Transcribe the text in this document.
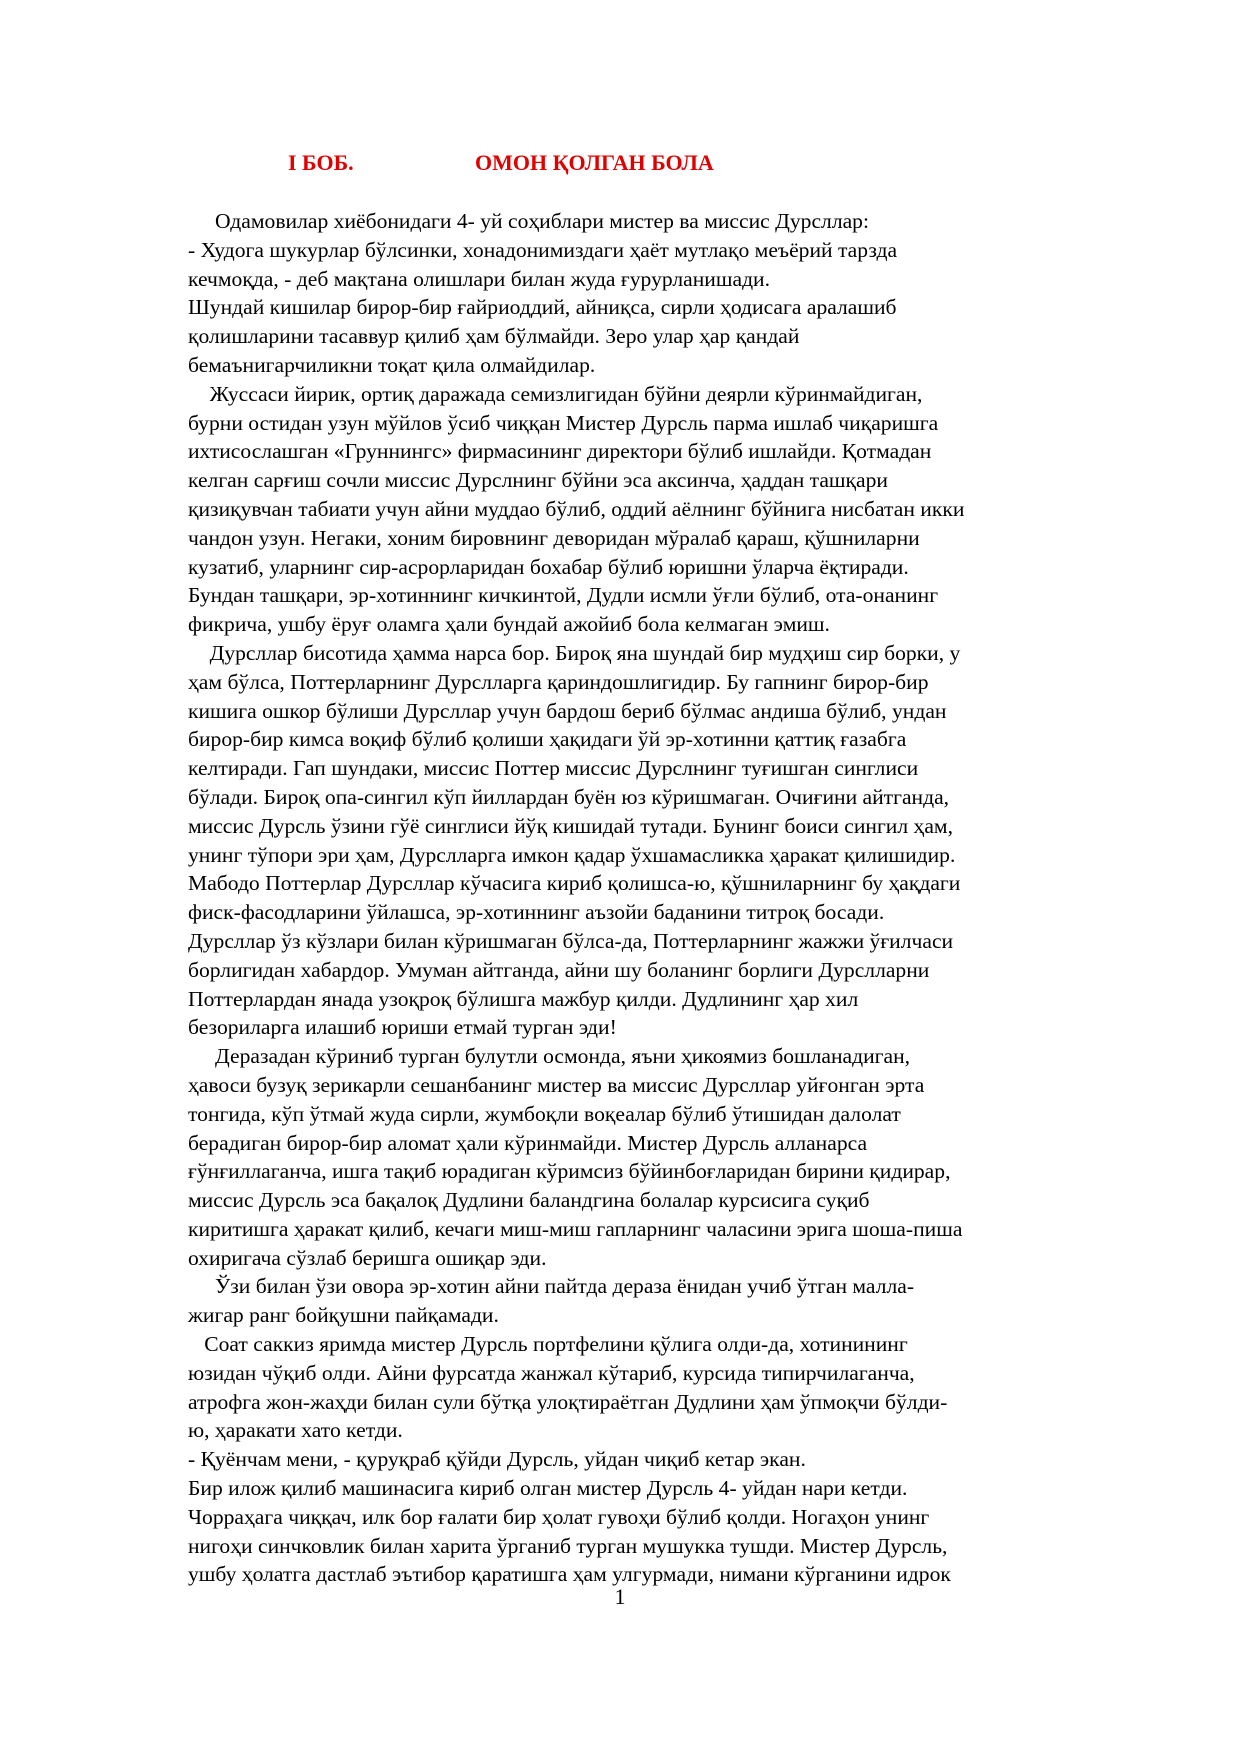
I БОБ.	ОМОН ҚОЛГАН БОЛА
Одамовилар хиёбонидаги 4- уй соҳиблари мистер ва миссис Дурсллар:
- Худога шукурлар бўлсинки, хонадонимиздаги ҳаёт мутлақо меъёрий тарзда
кечмоқда, - деб мақтана олишлари билан жуда ғурурланишади.
Шундай кишилар бирор-бир ғайриоддий, айниқса, сирли ҳодисага аралашиб
қолишларини тасаввур қилиб ҳам бўлмайди. Зеро улар ҳар қандай
бемаънигарчиликни тоқат қила олмайдилар.
Жуссаси йирик, ортиқ даражада семизлигидан бўйни деярли кўринмайдиган,
бурни остидан узун мўйлов ўсиб чиққан Мистер Дурсль парма ишлаб чиқаришга
ихтисослашган «Груннингс» фирмасининг директори бўлиб ишлайди. Қотмадан
келган сарғиш сочли миссис Дурслнинг бўйни эса аксинча, ҳаддан ташқари
қизиқувчан табиати учун айни муддао бўлиб, оддий аёлнинг бўйнига нисбатан икки
чандон узун. Негаки, хоним бировнинг деворидан мўралаб қараш, қўшниларни
кузатиб, уларнинг сир-асрорларидан бохабар бўлиб юришни ўларча ёқтиради.
Бундан ташқари, эр-хотиннинг кичкинтой, Дудли исмли ўғли бўлиб, ота-онанинг
фикрича, ушбу ёруғ оламга ҳали бундай ажойиб бола келмаган эмиш.
Дурсллар бисотида ҳамма нарса бор. Бироқ яна шундай бир мудҳиш сир борки, у
ҳам бўлса, Поттерларнинг Дурслларга қариндошлигидир. Бу гапнинг бирор-бир
кишига ошкор бўлиши Дурсллар учун бардош бериб бўлмас андиша бўлиб, ундан
бирор-бир кимса воқиф бўлиб қолиши ҳақидаги ўй эр-хотинни қаттиқ ғазабга
келтиради. Гап шундаки, миссис Поттер миссис Дурслнинг туғишган синглиси
бўлади. Бироқ опа-сингил кўп йиллардан буён юз кўришмаган. Очиғини айтганда,
миссис Дурсль ўзини гўё синглиси йўқ кишидай тутади. Бунинг боиси сингил ҳам,
унинг тўпори эри ҳам, Дурслларга имкон қадар ўхшамасликка ҳаракат қилишидир.
Мабодо Поттерлар Дурсллар кўчасига кириб қолишса-ю, қўшниларнинг бу ҳақдаги
фиск-фасодларини ўйлашса, эр-хотиннинг аъзойи баданини титроқ босади.
Дурсллар ўз кўзлари билан кўришмаган бўлса-да, Поттерларнинг жажжи ўғилчаси
борлигидан хабардор. Умуман айтганда, айни шу боланинг борлиги Дурслларни
Поттерлардан янада узоқроқ бўлишга мажбур қилди. Дудлининг ҳар хил
безориларга илашиб юриши етмай турган эди!
Деразадан кўриниб турган булутли осмонда, яъни ҳикоямиз бошланадиган,
ҳавоси бузуқ зерикарли сешанбанинг мистер ва миссис Дурсллар уйғонган эрта
тонгида, кўп ўтмай жуда сирли, жумбоқли воқеалар бўлиб ўтишидан далолат
берадиган бирор-бир аломат ҳали кўринмайди. Мистер Дурсль алланарса
ғўнғиллаганча, ишга тақиб юрадиган кўримсиз бўйинбоғларидан бирини қидирар,
миссис Дурсль эса бақалоқ Дудлини баландгина болалар курсисига суқиб
киритишга ҳаракат қилиб, кечаги миш-миш гапларнинг чаласини эрига шоша-пиша
охиригача сўзлаб беришга ошиқар эди.
Ўзи билан ўзи овора эр-хотин айни пайтда дераза ёнидан учиб ўтган малла-
жигар ранг бойқушни пайқамади.
Соат саккиз яримда мистер Дурсль портфелини қўлига олди-да, хотинининг
юзидан чўқиб олди. Айни фурсатда жанжал кўтариб, курсида типирчилаганча,
атрофга жон-жаҳди билан сули бўтқа улоқтираётган Дудлини ҳам ўпмоқчи бўлди-
ю, ҳаракати хато кетди.
- Қуёнчам мени, - қуруқраб қўйди Дурсль, уйдан чиқиб кетар экан.
Бир илож қилиб машинасига кириб олган мистер Дурсль 4- уйдан нари кетди.
Чорраҳага чиққач, илк бор ғалати бир ҳолат гувоҳи бўлиб қолди. Ногаҳон унинг
нигоҳи синчковлик билан харита ўрганиб турган мушукка тушди. Мистер Дурсль,
ушбу ҳолатга дастлаб эътибор қаратишга ҳам улгурмади, нимани кўрганини идрок
1
